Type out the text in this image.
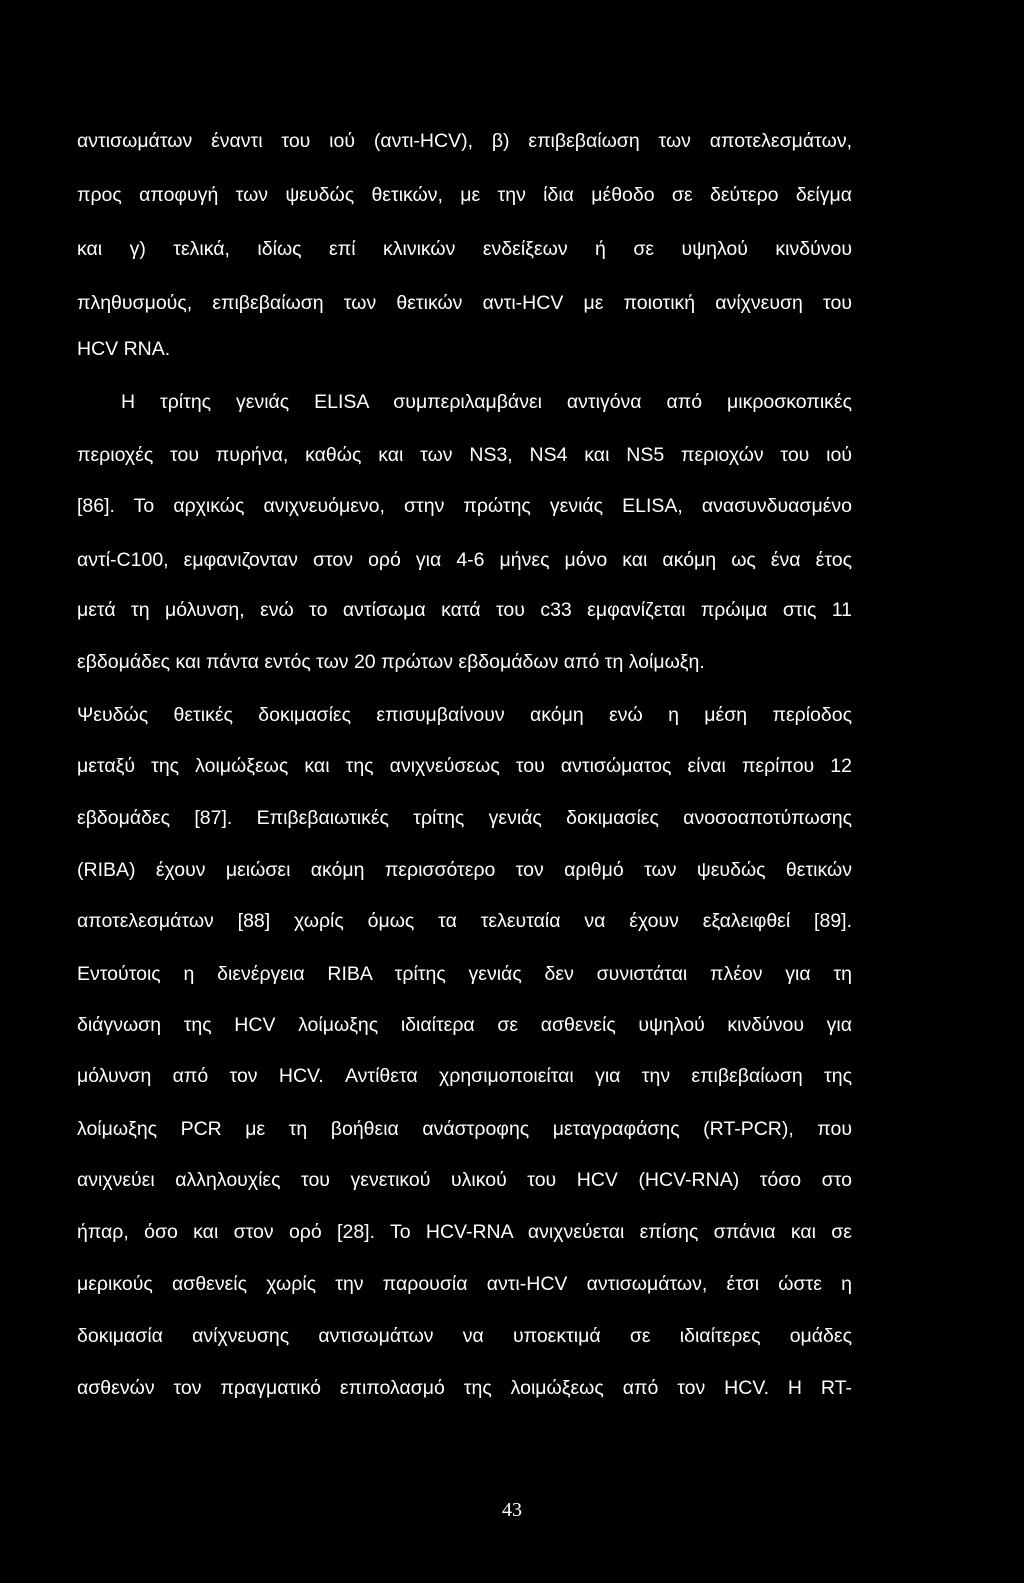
αντισωμάτων έναντι του ιού (αντι-HCV), β) επιβεβαίωση των αποτελεσμάτων,
προς αποφυγή των ψευδώς θετικών, με την ίδια μέθοδο σε δεύτερο δείγμα
και γ) τελικά, ιδίως επί κλινικών ενδείξεων ή σε υψηλού κινδύνου
πληθυσμούς, επιβεβαίωση των θετικών αντι-HCV με ποιοτική ανίχνευση του
HCV RNA.
Η τρίτης γενιάς ELISA συμπεριλαμβάνει αντιγόνα από μικροσκοπικές
περιοχές του πυρήνα, καθώς και των NS3, NS4 και NS5 περιοχών του ιού
[86]. Το αρχικώς ανιχνευόμενο, στην πρώτης γενιάς ELISA, ανασυνδυασμένο
αντί-C100, εμφανιζονταν στον ορό για 4-6 μήνες μόνο και ακόμη ως ένα έτος
μετά τη μόλυνση, ενώ το αντίσωμα κατά του c33 εμφανίζεται πρώιμα στις 11
εβδομάδες και πάντα εντός των 20 πρώτων εβδομάδων από τη λοίμωξη.
Ψευδώς θετικές δοκιμασίες επισυμβαίνουν ακόμη ενώ η μέση περίοδος
μεταξύ της λοιμώξεως και της ανιχνεύσεως του αντισώματος είναι περίπου 12
εβδομάδες [87]. Επιβεβαιωτικές τρίτης γενιάς δοκιμασίες ανοσοαποτύπωσης
(RIBA) έχουν μειώσει ακόμη περισσότερο τον αριθμό των ψευδώς θετικών
αποτελεσμάτων [88] χωρίς όμως τα τελευταία να έχουν εξαλειφθεί [89].
Εντούτοις η διενέργεια RIBA τρίτης γενιάς δεν συνιστάται πλέον για τη
διάγνωση της HCV λοίμωξης ιδιαίτερα σε ασθενείς υψηλού κινδύνου για
μόλυνση από τον HCV. Αντίθετα χρησιμοποιείται για την επιβεβαίωση της
λοίμωξης PCR με τη βοήθεια ανάστροφης μεταγραφάσης (RT-PCR), που
ανιχνεύει αλληλουχίες του γενετικού υλικού του HCV (HCV-RNA) τόσο στο
ήπαρ, όσο και στον ορό [28]. Το HCV-RNA ανιχνεύεται επίσης σπάνια και σε
μερικούς ασθενείς χωρίς την παρουσία αντι-HCV αντισωμάτων, έτσι ώστε η
δοκιμασία ανίχνευσης αντισωμάτων να υποεκτιμά σε ιδιαίτερες ομάδες
ασθενών τον πραγματικό επιπολασμό της λοιμώξεως από τον HCV. Η RT-
43
